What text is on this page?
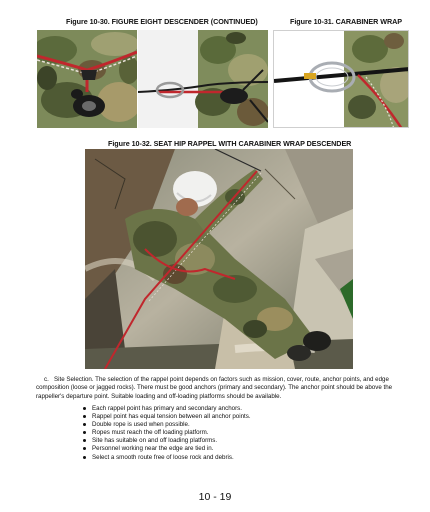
Figure 10-30. FIGURE EIGHT DESCENDER (CONTINUED)	Figure 10-31. CARABINER WRAP
Figure 10-32. SEAT HIP RAPPEL WITH CARABINER WRAP DESCENDER

c. Site Selection. The selection of the rappel point depends on factors such as mission, cover, route, anchor points, and edge composition (loose or jagged rocks). There must be good anchors (primary and secondary). The anchor point should be above the rappeller's departure point. Suitable loading and off-loading platforms should be available.

Each rappel point has primary and secondary anchors.
Rappel point has equal tension between all anchor points.
Double rope is used when possible.
Ropes must reach the off loading platform.
Site has suitable on and off loading platforms.
Personnel working near the edge are tied in.
Select a smooth route free of loose rock and debris.
10 - 19
